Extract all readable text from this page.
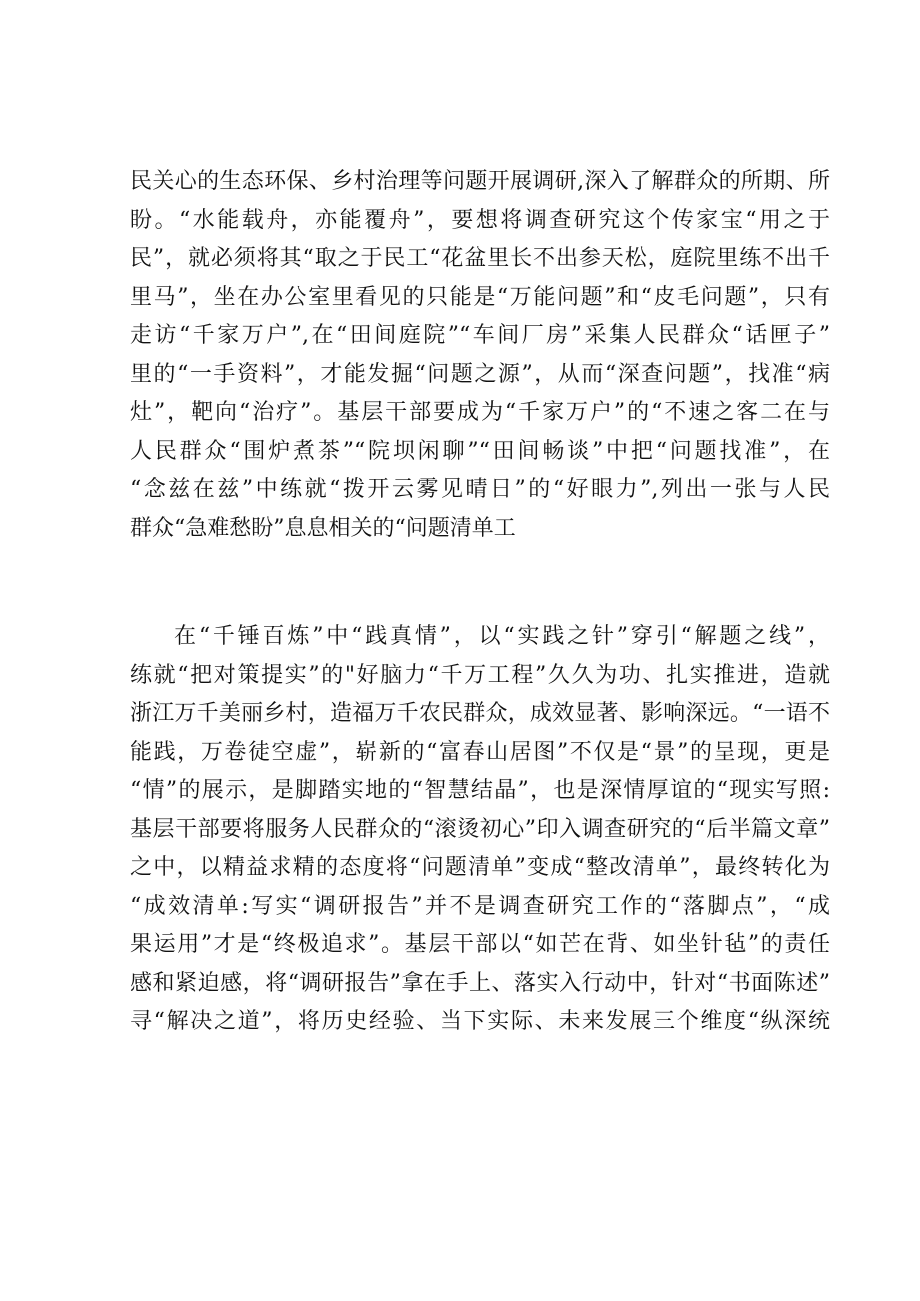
民关心的生态环保、乡村治理等问题开展调研,深入了解群众的所期、所
盼。“水能载舟，亦能覆舟”，要想将调查研究这个传家宝“用之于
民”，就必须将其“取之于民工“花盆里长不出参天松，庭院里练不出千
里马”，坐在办公室里看见的只能是“万能问题”和“皮毛问题”，只有
走访“千家万户”,在“田间庭院”“车间厂房”采集人民群众“话匣子”
里的“一手资料”，才能发掘“问题之源”，从而“深查问题”，找准“病
灶”，靶向“治疗”。基层干部要成为“千家万户”的“不速之客二在与
人民群众“围炉煮茶”“院坝闲聊”“田间畅谈”中把“问题找准”，在
“念兹在兹”中练就“拨开云雾见晴日”的“好眼力”,列出一张与人民
群众“急难愁盼”息息相关的“问题清单工
在“千锤百炼”中“践真情”，以“实践之针”穿引“解题之线”，
练就“把对策提实”的"好脑力“千万工程”久久为功、扎实推进，造就
浙江万千美丽乡村，造福万千农民群众，成效显著、影响深远。“一语不
能践，万卷徒空虚”，崭新的“富春山居图”不仅是“景”的呈现，更是
“情”的展示，是脚踏实地的“智慧结晶”，也是深情厚谊的“现实写照:
基层干部要将服务人民群众的“滚烫初心”印入调查研究的“后半篇文章”
之中，以精益求精的态度将“问题清单”变成“整改清单”，最终转化为
“成效清单:写实“调研报告”并不是调查研究工作的“落脚点”，“成
果运用”才是“终极追求”。基层干部以“如芒在背、如坐针毡”的责任
感和紧迫感，将“调研报告”拿在手上、落实入行动中，针对“书面陈述”
寻“解决之道”，将历史经验、当下实际、未来发展三个维度“纵深统
